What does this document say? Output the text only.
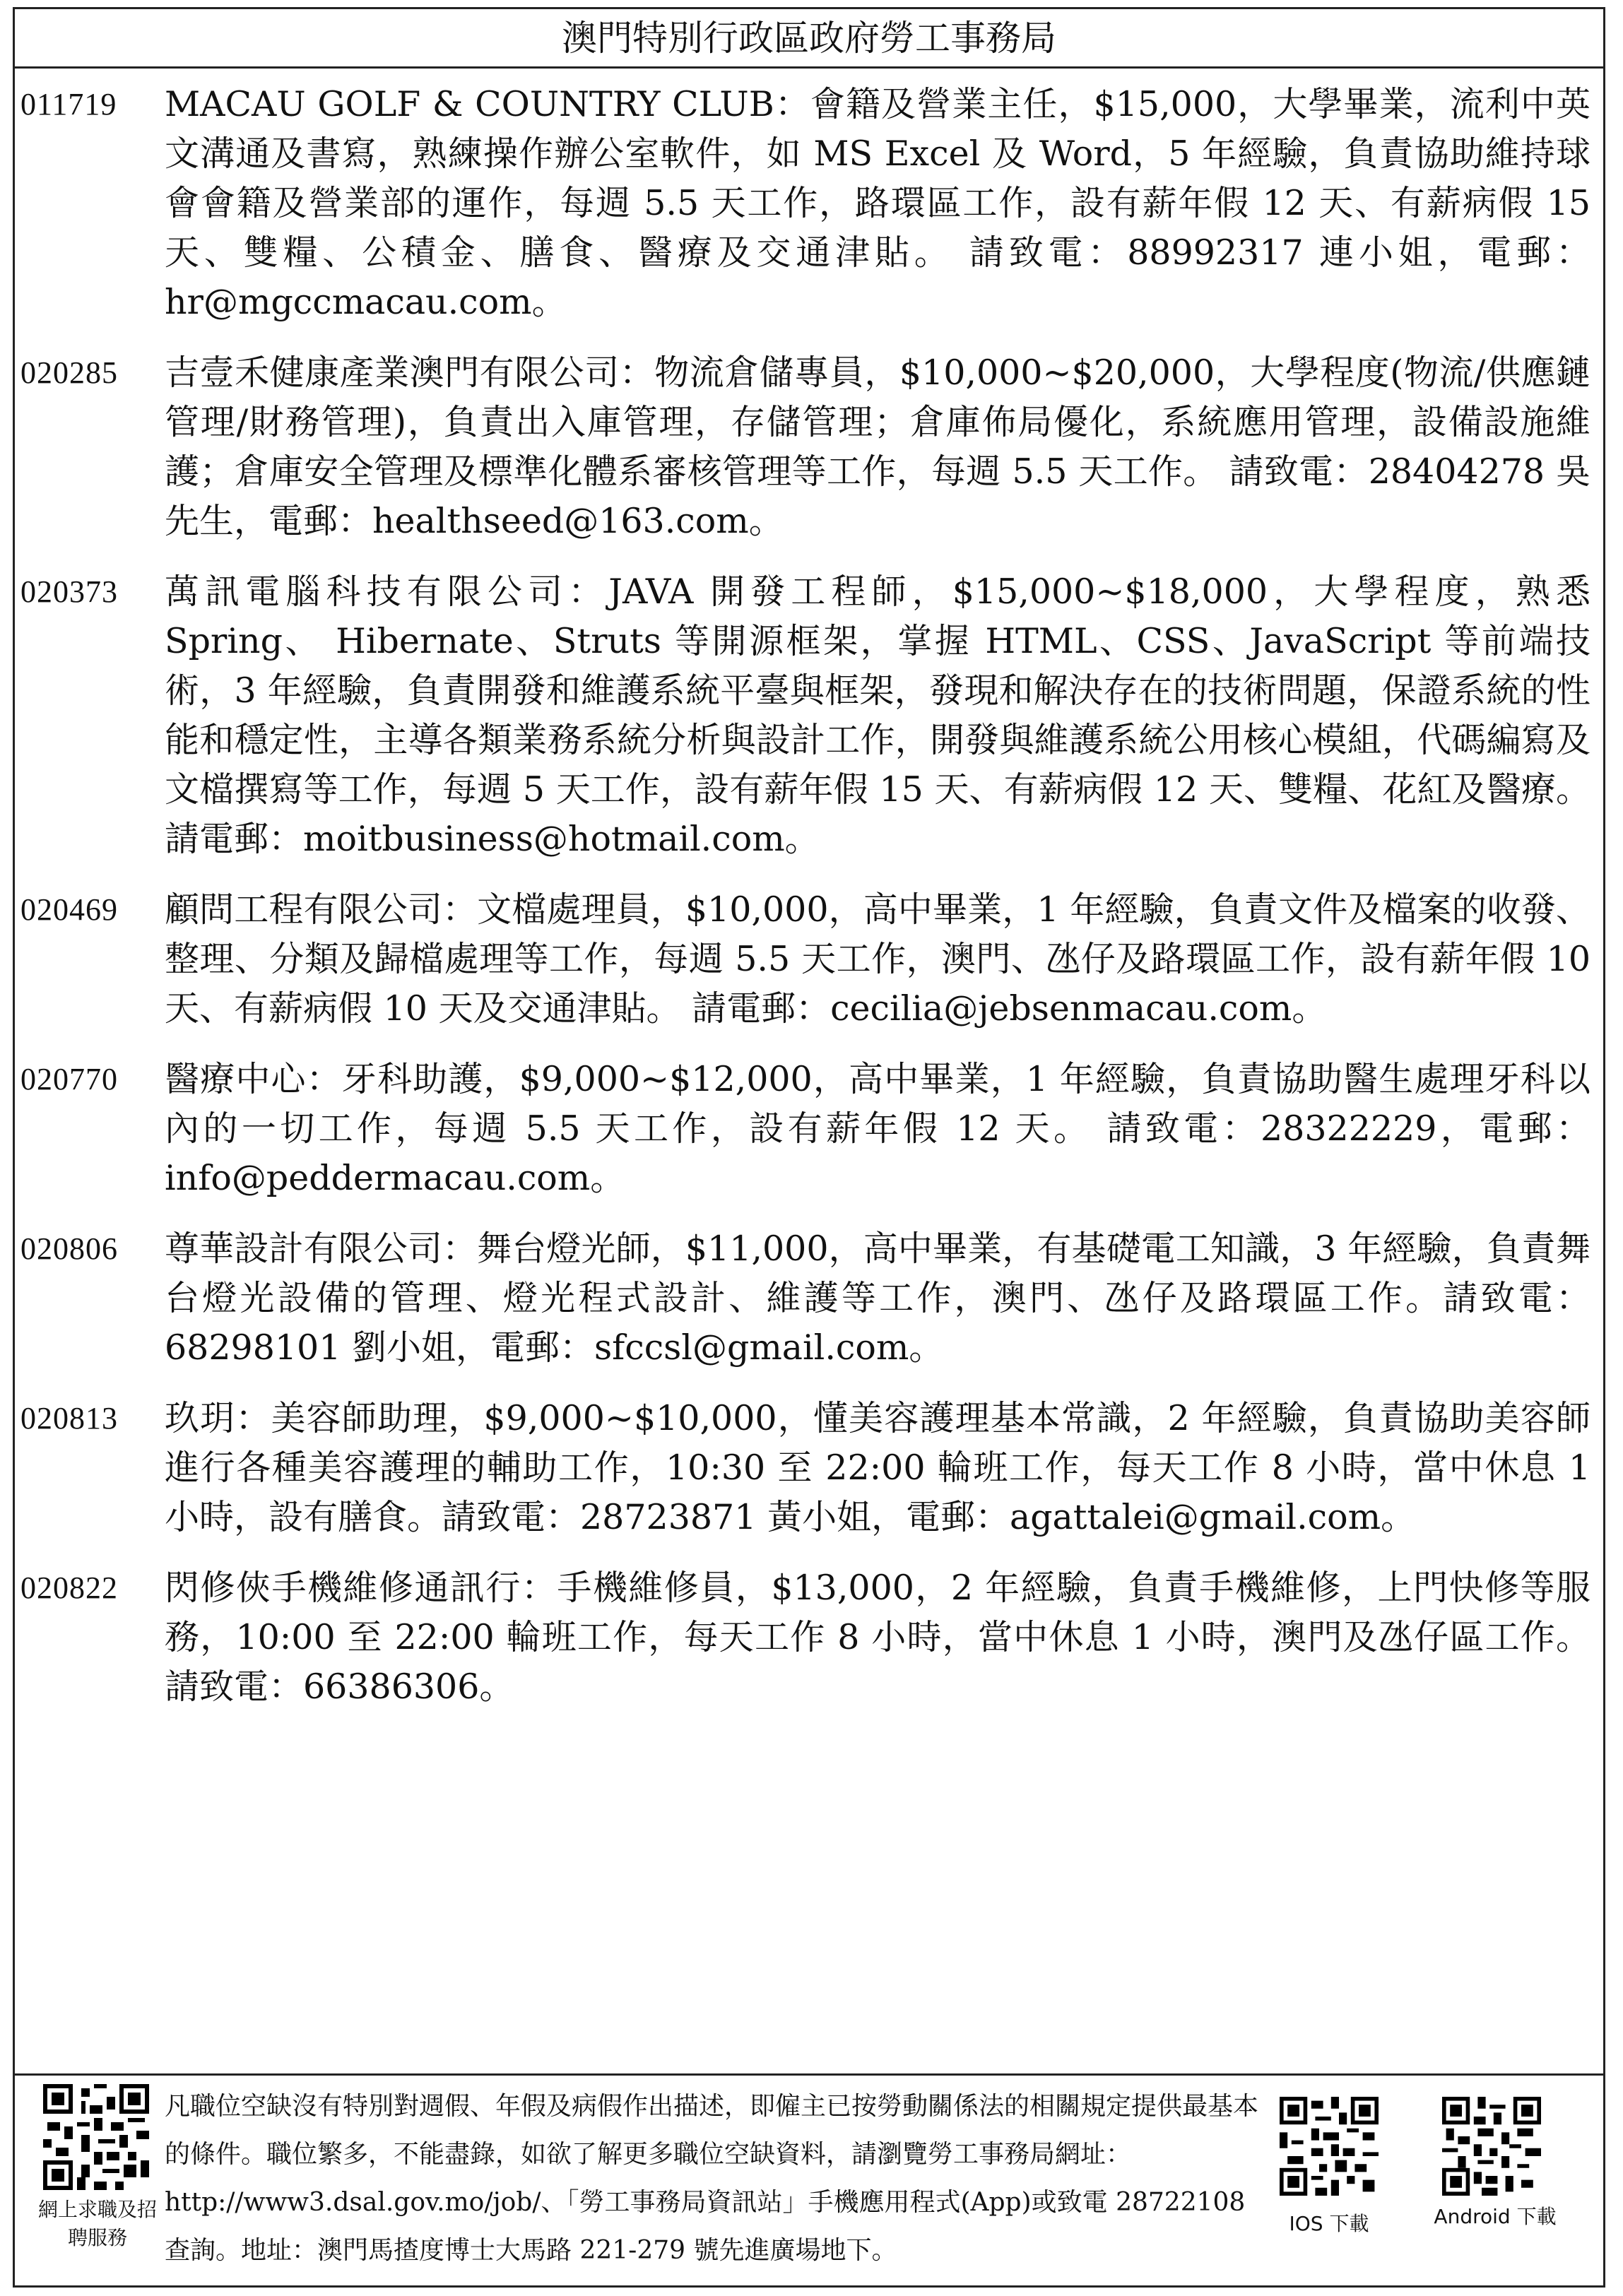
澳門特別行政區政府勞工事務局
011719 MACAU GOLF & COUNTRY CLUB：會籍及營業主任，$15,000，大學畢業，流利中英文溝通及書寫，熟練操作辦公室軟件，如 MS Excel 及 Word，5 年經驗，負責協助維持球會會籍及營業部的運作，每週 5.5 天工作，路環區工作，設有薪年假 12 天、有薪病假 15 天、雙糧、公積金、膳食、醫療及交通津貼。 請致電：88992317 連小姐，電郵：hr@mgccmacau.com。
020285 吉壹禾健康產業澳門有限公司：物流倉儲專員，$10,000~$20,000，大學程度(物流/供應鏈管理/財務管理)，負責出入庫管理，存儲管理；倉庫佈局優化，系統應用管理，設備設施維護；倉庫安全管理及標準化體系審核管理等工作，每週 5.5 天工作。 請致電：28404278 吳先生，電郵：healthseed@163.com。
020373 萬訊電腦科技有限公司：JAVA 開發工程師，$15,000~$18,000，大學程度，熟悉 Spring、 Hibernate、Struts 等開源框架，掌握 HTML、CSS、JavaScript 等前端技術，3 年經驗，負責開發和維護系統平臺與框架，發現和解決存在的技術問題，保證系統的性能和穩定性，主導各類業務系統分析與設計工作，開發與維護系統公用核心模組，代碼編寫及文檔撰寫等工作，每週 5 天工作，設有薪年假 15 天、有薪病假 12 天、雙糧、花紅及醫療。 請電郵：moitbusiness@hotmail.com。
020469 顧問工程有限公司：文檔處理員，$10,000，高中畢業，1 年經驗，負責文件及檔案的收發、整理、分類及歸檔處理等工作，每週 5.5 天工作，澳門、氹仔及路環區工作，設有薪年假 10 天、有薪病假 10 天及交通津貼。 請電郵：cecilia@jebsenmacau.com。
020770 醫療中心：牙科助護，$9,000~$12,000，高中畢業，1 年經驗，負責協助醫生處理牙科以內的一切工作，每週 5.5 天工作，設有薪年假 12 天。 請致電：28322229，電郵：info@peddermacau.com。
020806 尊華設計有限公司：舞台燈光師，$11,000，高中畢業，有基礎電工知識，3 年經驗，負責舞台燈光設備的管理、燈光程式設計、維護等工作，澳門、氹仔及路環區工作。請致電：68298101 劉小姐，電郵：sfccsl@gmail.com。
020813 玖玥：美容師助理，$9,000~$10,000，懂美容護理基本常識，2 年經驗，負責協助美容師進行各種美容護理的輔助工作，10:30 至 22:00 輪班工作，每天工作 8 小時，當中休息 1 小時，設有膳食。請致電：28723871 黃小姐，電郵：agattalei@gmail.com。
020822 閃修俠手機維修通訊行：手機維修員，$13,000，2 年經驗，負責手機維修，上門快修等服務，10:00 至 22:00 輪班工作，每天工作 8 小時，當中休息 1 小時，澳門及氹仔區工作。請致電：66386306。
網上求職及招聘服務
凡職位空缺沒有特別對週假、年假及病假作出描述，即僱主已按勞動關係法的相關規定提供最基本的條件。職位繁多，不能盡錄，如欲了解更多職位空缺資料，請瀏覽勞工事務局網址：http://www3.dsal.gov.mo/job/、「勞工事務局資訊站」手機應用程式(App)或致電 28722108 查詢。地址：澳門馬揸度博士大馬路 221-279 號先進廣場地下。
IOS 下載	Android 下載
